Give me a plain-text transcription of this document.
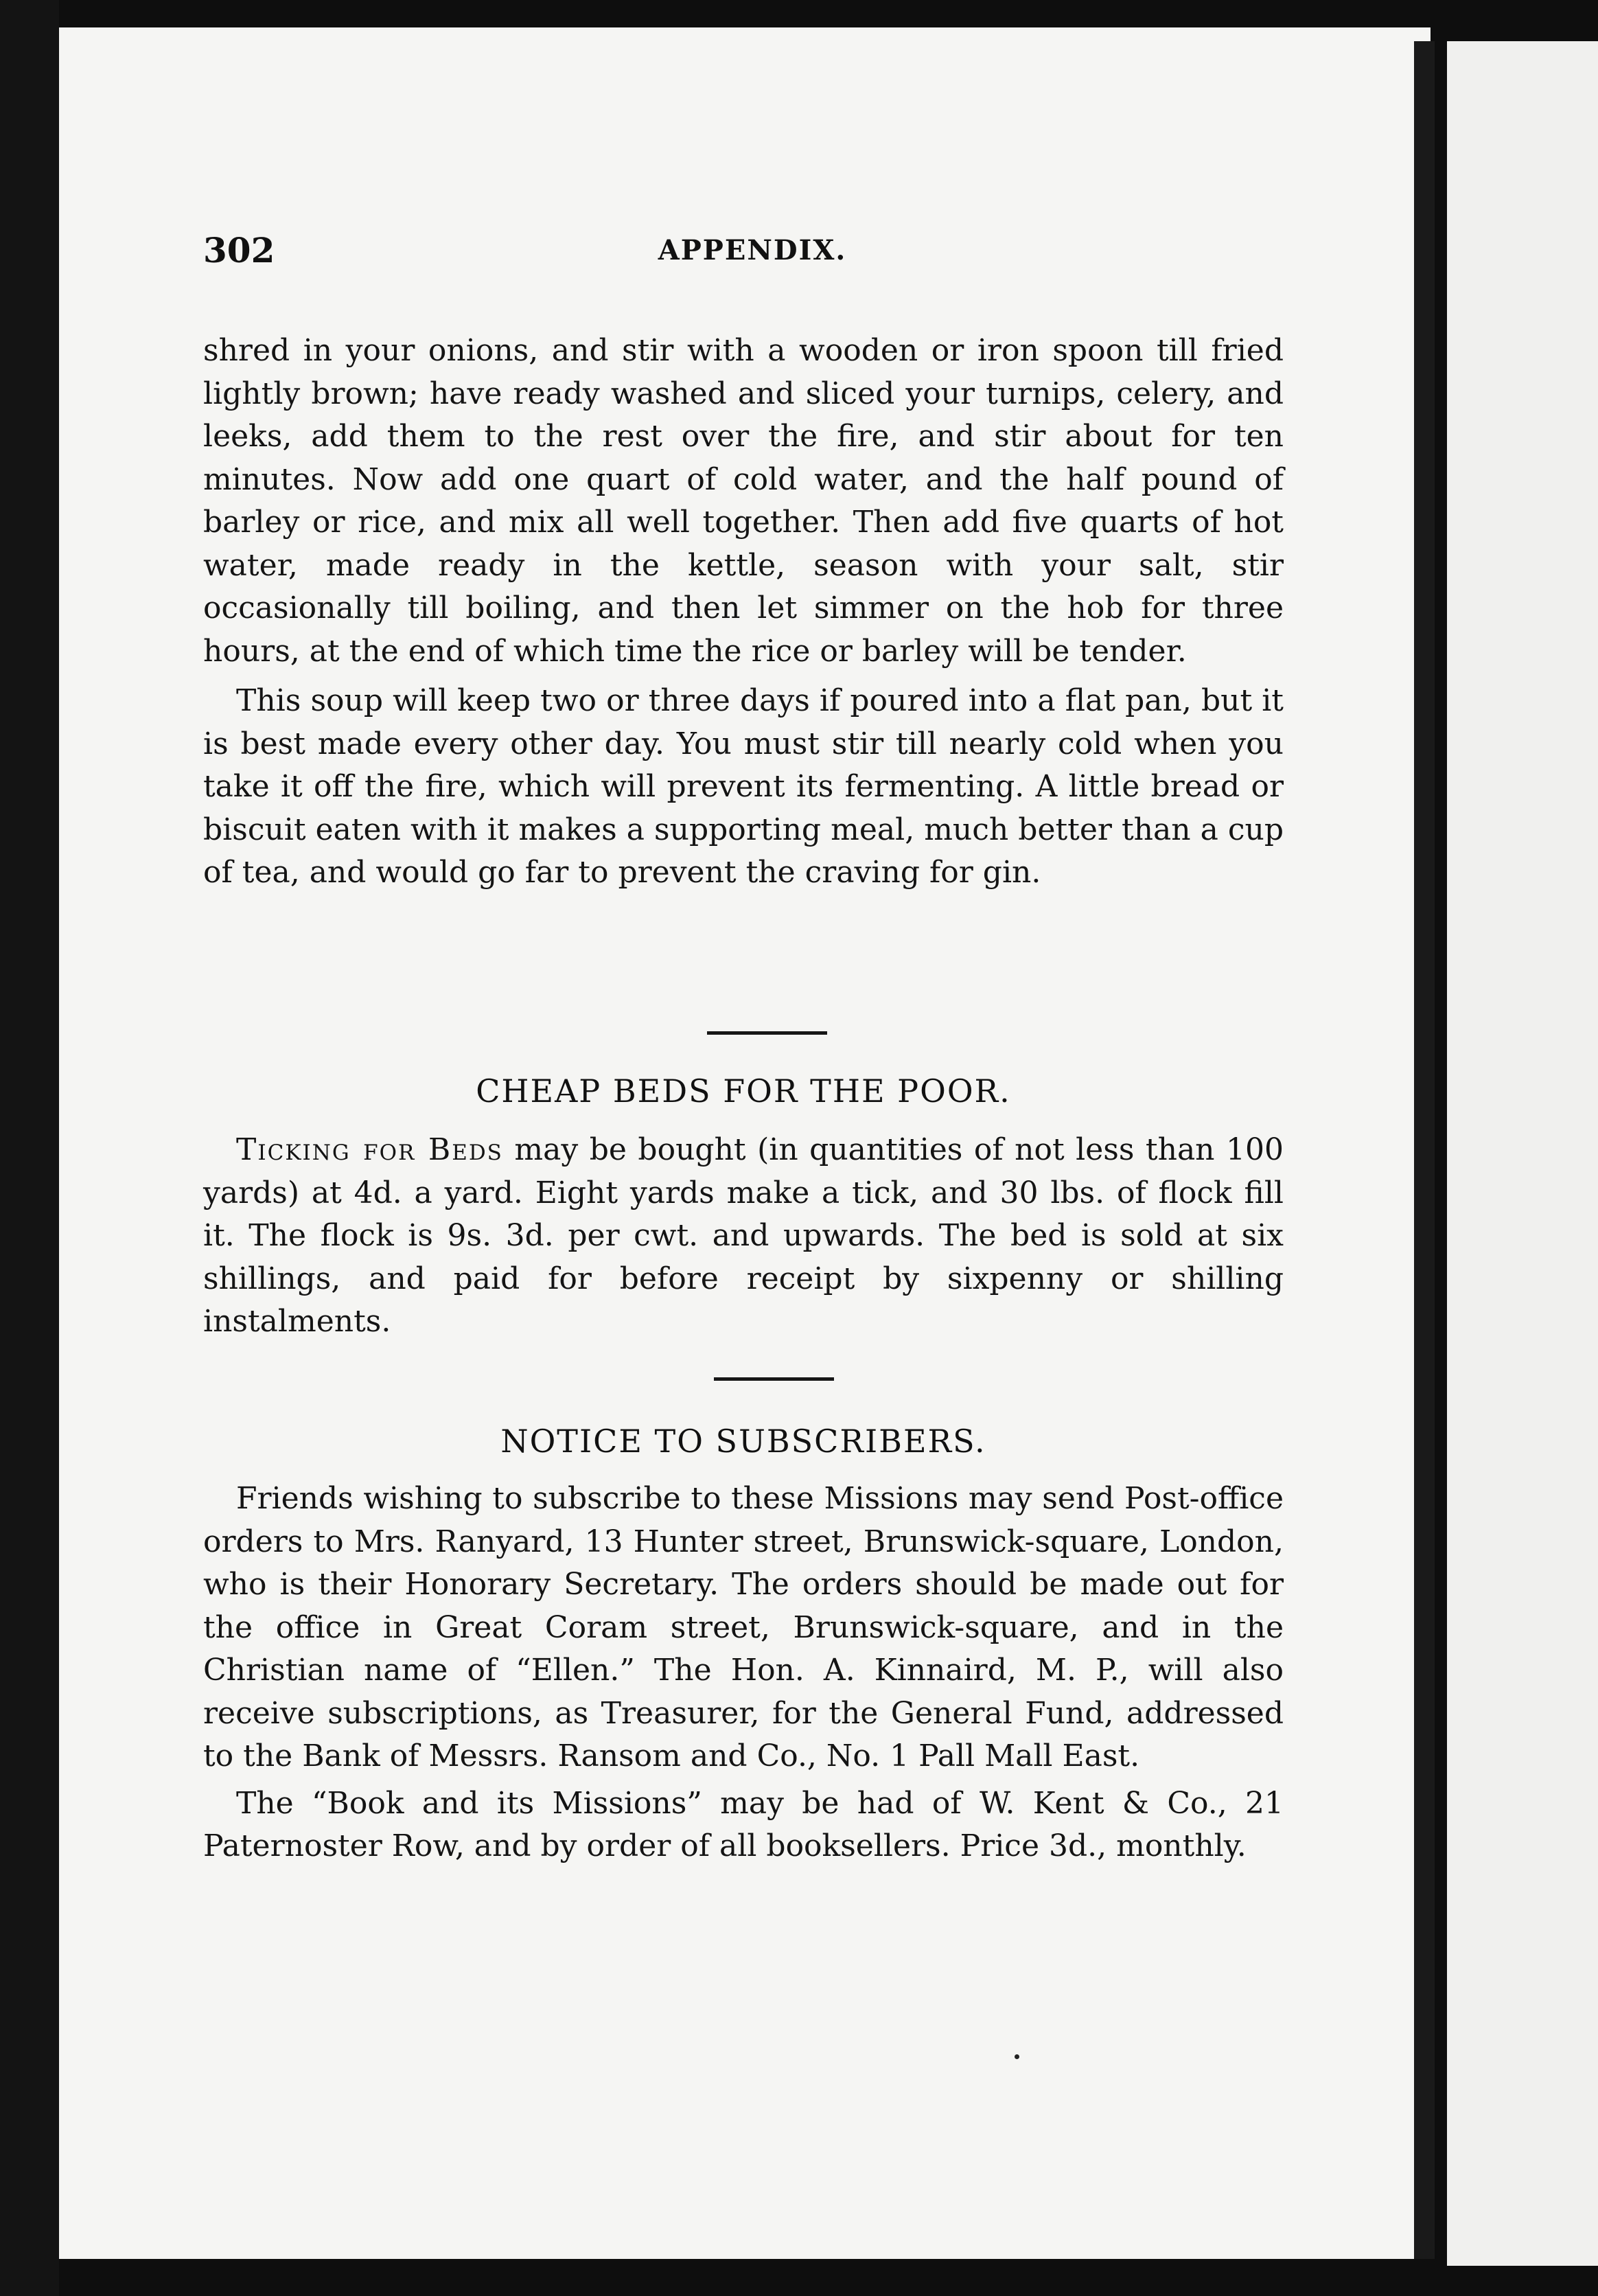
302	APPENDIX.

shred in your onions, and stir with a wooden or iron spoon till fried lightly brown; have ready washed and sliced your turnips, celery, and leeks, add them to the rest over the fire, and stir about for ten minutes. Now add one quart of cold water, and the half pound of barley or rice, and mix all well together. Then add five quarts of hot water, made ready in the kettle, season with your salt, stir occasionally till boiling, and then let simmer on the hob for three hours, at the end of which time the rice or barley will be tender.

This soup will keep two or three days if poured into a flat pan, but it is best made every other day. You must stir till nearly cold when you take it off the fire, which will prevent its fermenting. A little bread or biscuit eaten with it makes a supporting meal, much better than a cup of tea, and would go far to prevent the craving for gin.

CHEAP BEDS FOR THE POOR.

Ticking for Beds may be bought (in quantities of not less than 100 yards) at 4d. a yard. Eight yards make a tick, and 30 lbs. of flock fill it. The flock is 9s. 3d. per cwt. and upwards. The bed is sold at six shillings, and paid for before receipt by sixpenny or shilling instalments.

NOTICE TO SUBSCRIBERS.

Friends wishing to subscribe to these Missions may send Post-office orders to Mrs. Ranyard, 13 Hunter street, Brunswick-square, London, who is their Honorary Secretary. The orders should be made out for the office in Great Coram street, Brunswick-square, and in the Christian name of “Ellen.” The Hon. A. Kinnaird, M. P., will also receive subscriptions, as Treasurer, for the General Fund, addressed to the Bank of Messrs. Ransom and Co., No. 1 Pall Mall East.

The “Book and its Missions” may be had of W. Kent & Co., 21 Paternoster Row, and by order of all booksellers. Price 3d., monthly.
